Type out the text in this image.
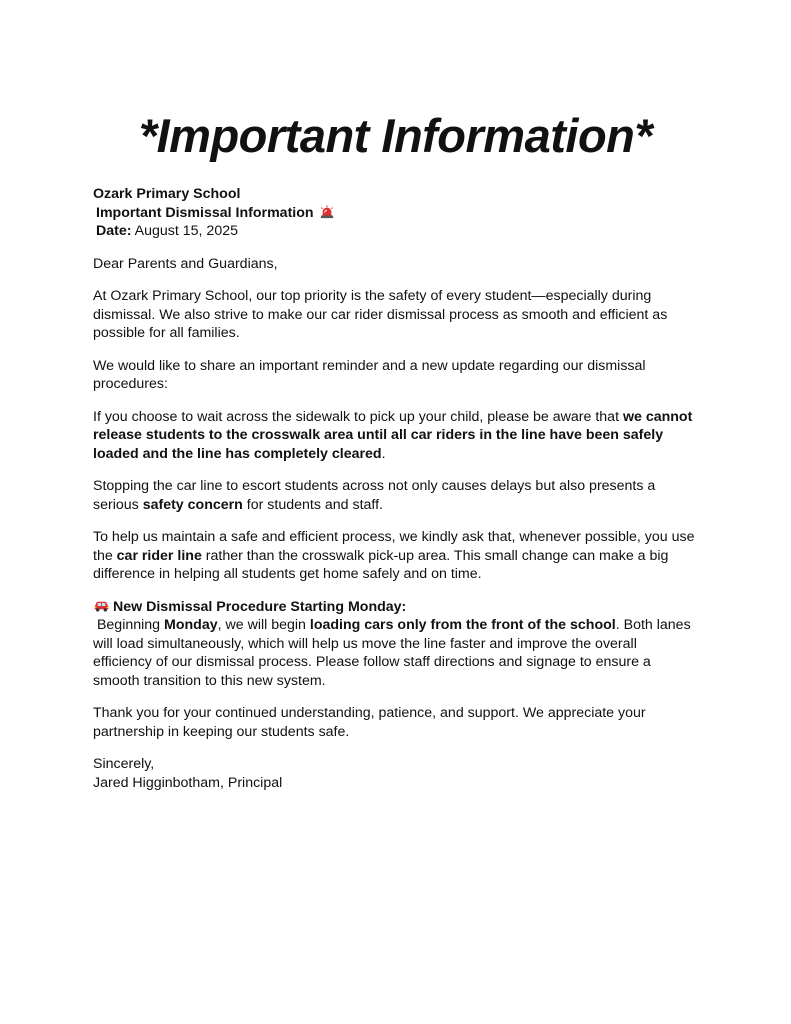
*Important Information*

Ozark Primary School

Important Dismissal Information

Date: August 15, 2025

Dear Parents and Guardians,

At Ozark Primary School, our top priority is the safety of every student—especially during dismissal. We also strive to make our car rider dismissal process as smooth and efficient as possible for all families.

We would like to share an important reminder and a new update regarding our dismissal procedures:

If you choose to wait across the sidewalk to pick up your child, please be aware that we cannot release students to the crosswalk area until all car riders in the line have been safely loaded and the line has completely cleared.

Stopping the car line to escort students across not only causes delays but also presents a serious safety concern for students and staff.

To help us maintain a safe and efficient process, we kindly ask that, whenever possible, you use the car rider line rather than the crosswalk pick-up area. This small change can make a big difference in helping all students get home safely and on time.

New Dismissal Procedure Starting Monday:
Beginning Monday, we will begin loading cars only from the front of the school. Both lanes will load simultaneously, which will help us move the line faster and improve the overall efficiency of our dismissal process. Please follow staff directions and signage to ensure a smooth transition to this new system.

Thank you for your continued understanding, patience, and support. We appreciate your partnership in keeping our students safe.

Sincerely,
Jared Higginbotham, Principal
